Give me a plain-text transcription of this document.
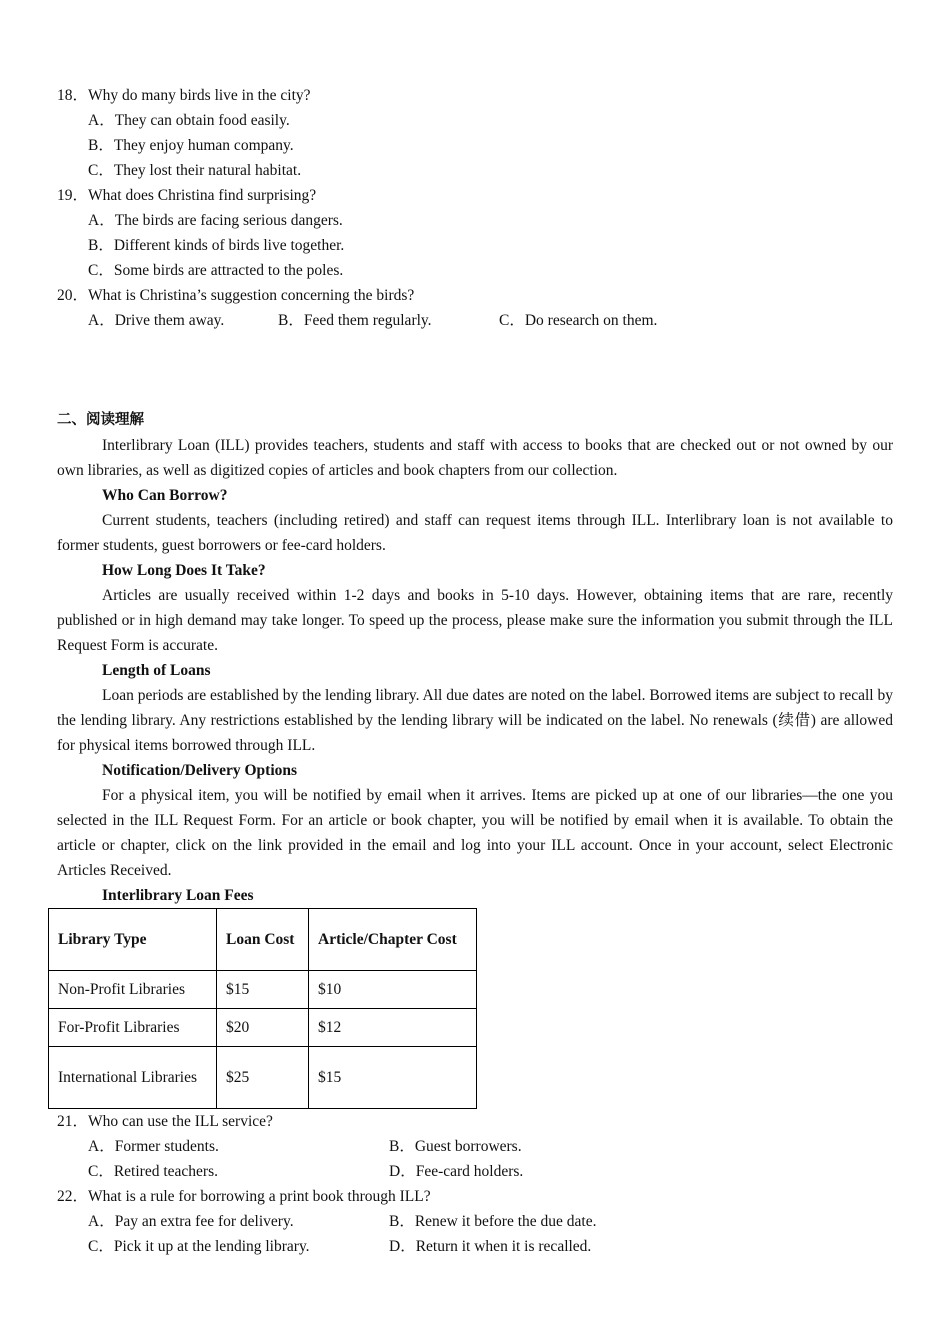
18．Why do many birds live in the city?
A．They can obtain food easily.
B．They enjoy human company.
C．They lost their natural habitat.
19．What does Christina find surprising?
A．The birds are facing serious dangers.
B．Different kinds of birds live together.
C．Some birds are attracted to the poles.
20．What is Christina’s suggestion concerning the birds?
A．Drive them away.	B．Feed them regularly.	C．Do research on them.
二、阅读理解
Interlibrary Loan (ILL) provides teachers, students and staff with access to books that are checked out or not owned by our own libraries, as well as digitized copies of articles and book chapters from our collection.
Who Can Borrow?
Current students, teachers (including retired) and staff can request items through ILL. Interlibrary loan is not available to former students, guest borrowers or fee-card holders.
How Long Does It Take?
Articles are usually received within 1-2 days and books in 5-10 days. However, obtaining items that are rare, recently published or in high demand may take longer. To speed up the process, please make sure the information you submit through the ILL Request Form is accurate.
Length of Loans
Loan periods are established by the lending library. All due dates are noted on the label. Borrowed items are subject to recall by the lending library. Any restrictions established by the lending library will be indicated on the label. No renewals (续借) are allowed for physical items borrowed through ILL.
Notification/Delivery Options
For a physical item, you will be notified by email when it arrives. Items are picked up at one of our libraries—the one you selected in the ILL Request Form. For an article or book chapter, you will be notified by email when it is available. To obtain the article or chapter, click on the link provided in the email and log into your ILL account. Once in your account, select Electronic Articles Received.
Interlibrary Loan Fees
Library Type	Loan Cost	Article/Chapter Cost
Non-Profit Libraries	$15	$10
For-Profit Libraries	$20	$12
International Libraries	$25	$15
21．Who can use the ILL service?
A．Former students.	B．Guest borrowers.
C．Retired teachers.	D．Fee-card holders.
22．What is a rule for borrowing a print book through ILL?
A．Pay an extra fee for delivery.	B．Renew it before the due date.
C．Pick it up at the lending library.	D．Return it when it is recalled.
